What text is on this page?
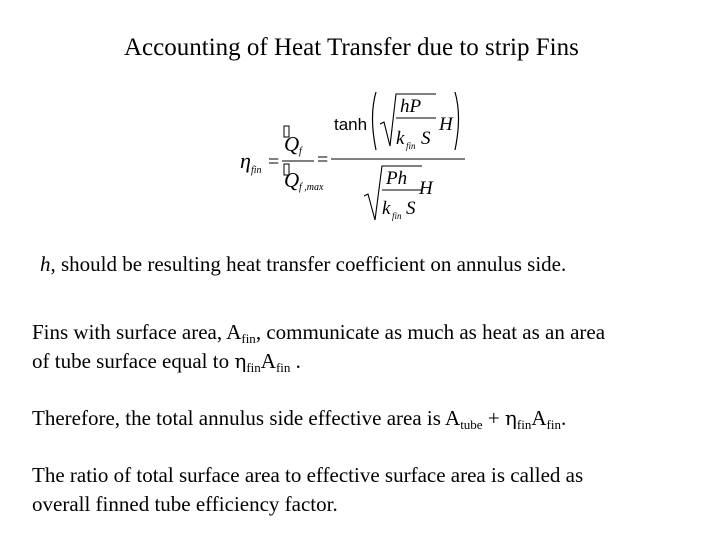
Accounting of Heat Transfer due to strip Fins
η fin =
Q f
Q f ,max
=
tanh
hP
k fin S
H
Ph
k fin S
H
h, should be resulting heat transfer coefficient on annulus side.
Fins with surface area, $A_{fin}$, communicate as much as heat as an area
of tube surface equal to $\eta_{fin}A_{fin}$ .
Therefore, the total annulus side effective area is $A_{tube} + \eta_{fin}A_{fin}$.
The ratio of total surface area to effective surface area is called as
overall finned tube efficiency factor.
